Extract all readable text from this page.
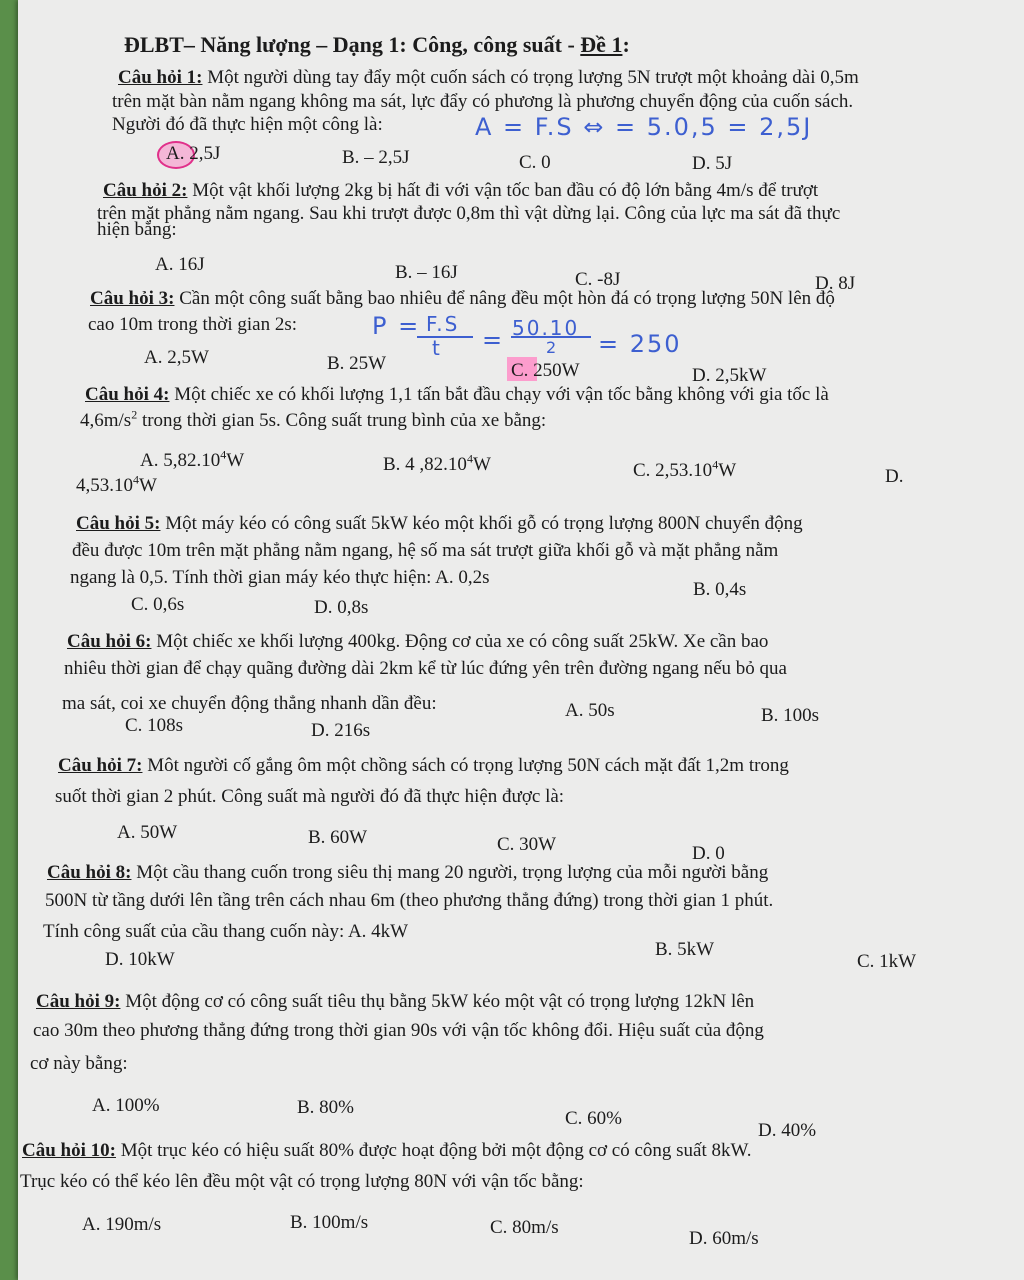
ĐLBT– Năng lượng – Dạng 1: Công, công suất - Đề 1:
Câu hỏi 1: Một người dùng tay đẩy một cuốn sách có trọng lượng 5N trượt một khoảng dài 0,5m
trên mặt bàn nằm ngang không ma sát, lực đẩy có phương là phương chuyển động của cuốn sách.
Người đó đã thực hiện một công là:	A = F.S ⇔ = 5.0,5 = 2,5J
A. 2,5J	B. – 2,5J	C. 0	D. 5J
Câu hỏi 2: Một vật khối lượng 2kg bị hất đi với vận tốc ban đầu có độ lớn bằng 4m/s để trượt
trên mặt phẳng nằm ngang. Sau khi trượt được 0,8m thì vật dừng lại. Công của lực ma sát đã thực
hiện bằng:
A. 16J	B. – 16J	C. -8J	D. 8J
Câu hỏi 3: Cần một công suất bằng bao nhiêu để nâng đều một hòn đá có trọng lượng 50N lên độ
cao 10m trong thời gian 2s:	P = F.S
t = 50.10
2 = 250
A. 2,5W	B. 25W	C. 250W	D. 2,5kW
Câu hỏi 4: Một chiếc xe có khối lượng 1,1 tấn bắt đầu chạy với vận tốc bằng không với gia tốc là
$4,6m/s^2$ trong thời gian 5s. Công suất trung bình của xe bằng:
A. 5,82.10$^4$W	B. 4 ,82.10$^4$W	C. 2,53.10$^4$W	D.
4,53.10$^4$W
Câu hỏi 5: Một máy kéo có công suất 5kW kéo một khối gỗ có trọng lượng 800N chuyển động
đều được 10m trên mặt phẳng nằm ngang, hệ số ma sát trượt giữa khối gỗ và mặt phẳng nằm
ngang là 0,5. Tính thời gian máy kéo thực hiện: A. 0,2s
B. 0,4s
C. 0,6s	D. 0,8s
Câu hỏi 6: Một chiếc xe khối lượng 400kg. Động cơ của xe có công suất 25kW. Xe cần bao
nhiêu thời gian để chạy quãng đường dài 2km kể từ lúc đứng yên trên đường ngang nếu bỏ qua
ma sát, coi xe chuyển động thẳng nhanh dần đều:	A. 50s	B. 100s
C. 108s	D. 216s
Câu hỏi 7: Môt người cố gắng ôm một chồng sách có trọng lượng 50N cách mặt đất 1,2m trong
suốt thời gian 2 phút. Công suất mà người đó đã thực hiện được là:
A. 50W	B. 60W	C. 30W	D. 0
Câu hỏi 8: Một cầu thang cuốn trong siêu thị mang 20 người, trọng lượng của mỗi người bằng
500N từ tầng dưới lên tầng trên cách nhau 6m (theo phương thẳng đứng) trong thời gian 1 phút.
Tính công suất của cầu thang cuốn này: A. 4kW
B. 5kW
C. 1kW
D. 10kW
Câu hỏi 9: Một động cơ có công suất tiêu thụ bằng 5kW kéo một vật có trọng lượng 12kN lên
cao 30m theo phương thẳng đứng trong thời gian 90s với vận tốc không đổi. Hiệu suất của động
cơ này bằng:
A. 100%	B. 80%
C. 60%
D. 40%
Câu hỏi 10: Một trục kéo có hiệu suất 80% được hoạt động bởi một động cơ có công suất 8kW.
Trục kéo có thể kéo lên đều một vật có trọng lượng 80N với vận tốc bằng:
A. 190m/s	B. 100m/s	C. 80m/s
D. 60m/s
